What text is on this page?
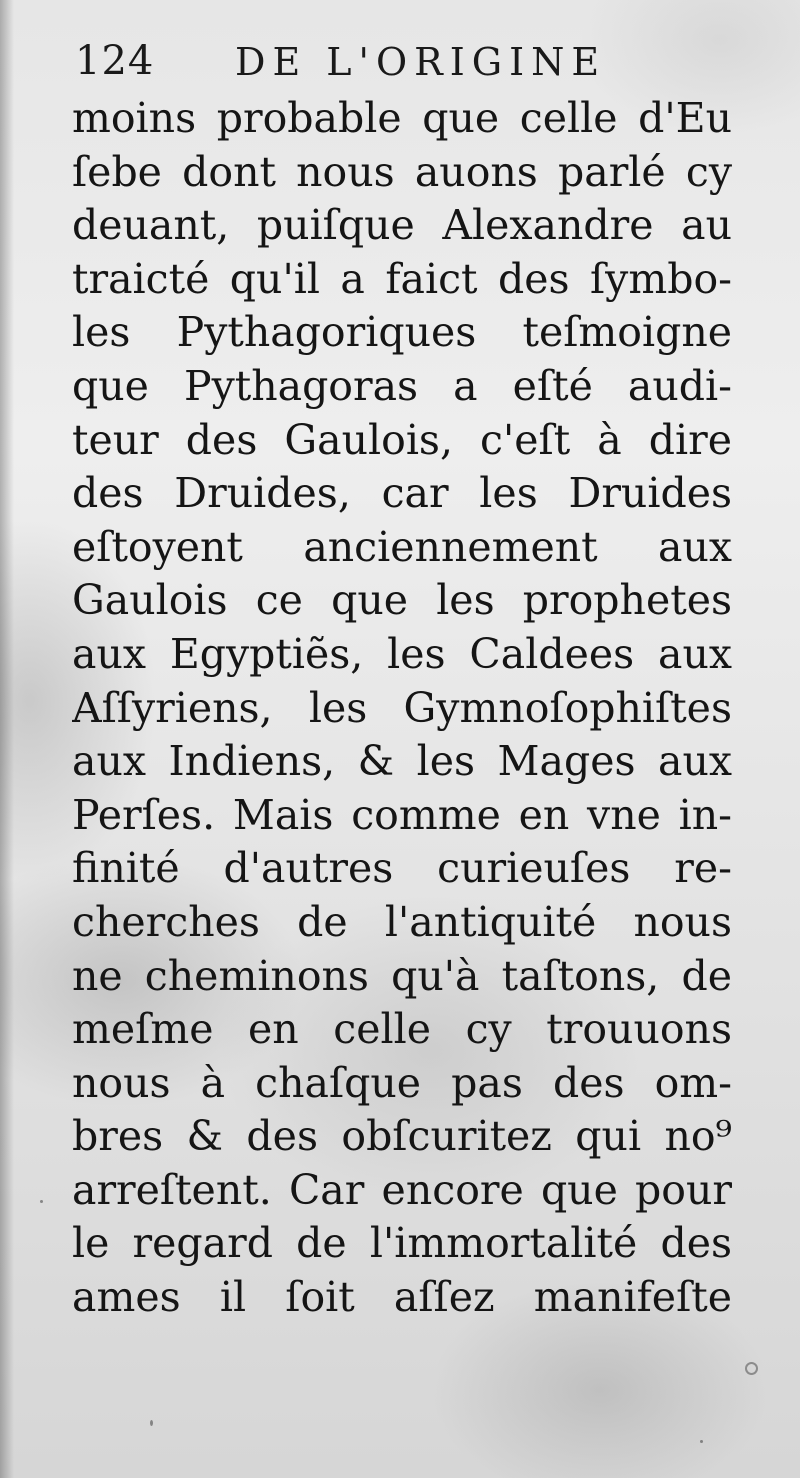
124 DE L'ORIGINE
moins probable que celle d'Eu
ſebe dont nous auons parlé cy
deuant, puiſque Alexandre au
traicté qu'il a faict des ſymbo-
les Pythagoriques teſmoigne
que Pythagoras a eſté audi-
teur des Gaulois, c'eſt à dire
des Druides, car les Druides
eſtoyent anciennement aux
Gaulois ce que les prophetes
aux Egyptiẽs, les Caldees aux
Aſſyriens, les Gymnoſophiſtes
aux Indiens, & les Mages aux
Perſes. Mais comme en vne in-
finité d'autres curieuſes re-
cherches de l'antiquité nous
ne cheminons qu'à taſtons, de
meſme en celle cy trouuons
nous à chaſque pas des om-
bres & des obſcuritez qui no⁹
arreſtent. Car encore que pour
le regard de l'immortalité des
ames il ſoit aſſez manifeſte
